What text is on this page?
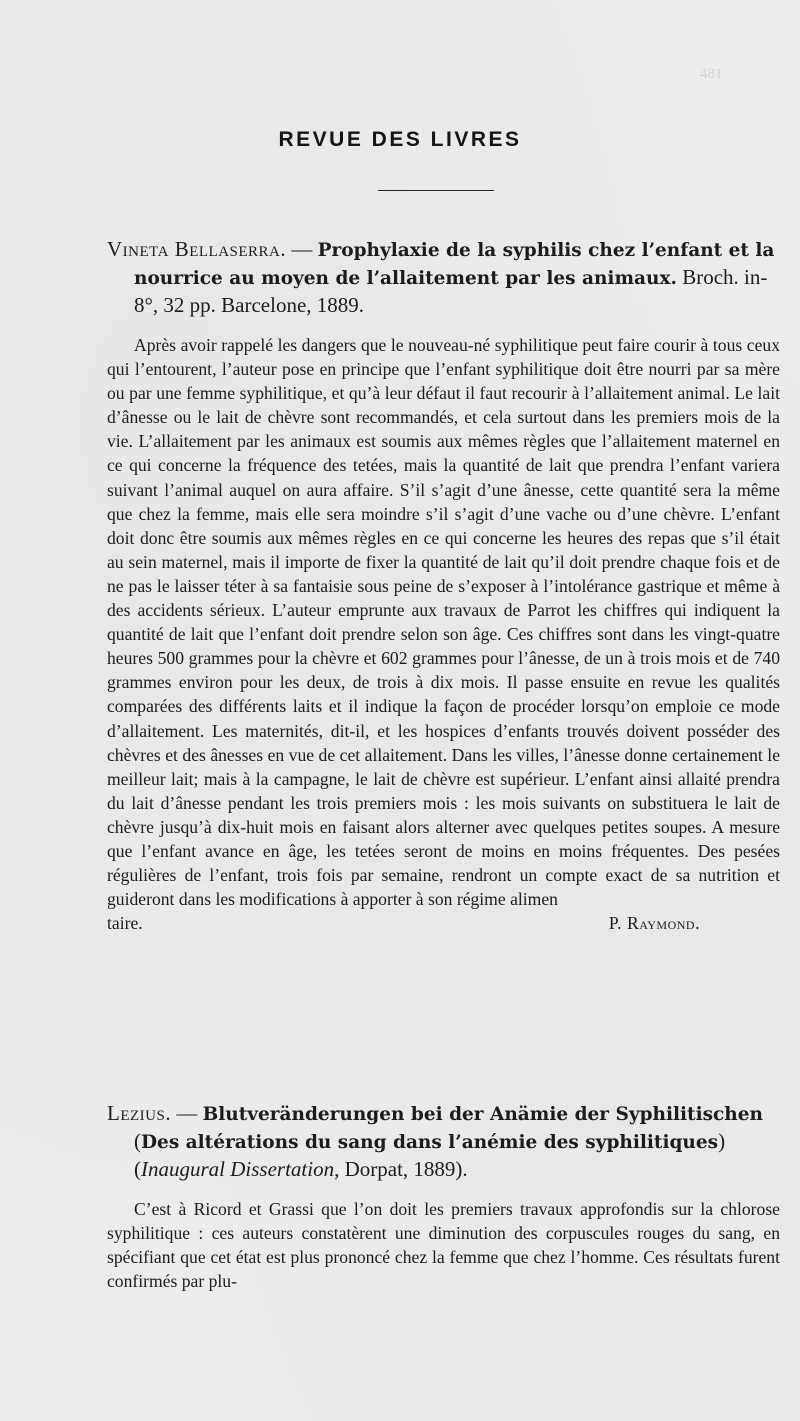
481
REVUE DES LIVRES

Vineta Bellaserra. — Prophylaxie de la syphilis chez l’enfant et la nourrice au moyen de l’allaitement par les animaux. Broch. in-8°, 32 pp. Barcelone, 1889.

Après avoir rappelé les dangers que le nouveau-né syphilitique peut faire courir à tous ceux qui l’entourent, l’auteur pose en principe que l’enfant syphilitique doit être nourri par sa mère ou par une femme syphilitique, et qu’à leur défaut il faut recourir à l’allaitement animal. Le lait d’ânesse ou le lait de chèvre sont recommandés, et cela surtout dans les premiers mois de la vie. L’allaitement par les animaux est soumis aux mêmes règles que l’allaitement maternel en ce qui concerne la fréquence des tetées, mais la quantité de lait que prendra l’enfant variera suivant l’animal auquel on aura affaire. S’il s’agit d’une ânesse, cette quantité sera la même que chez la femme, mais elle sera moindre s’il s’agit d’une vache ou d’une chèvre. L’enfant doit donc être soumis aux mêmes règles en ce qui concerne les heures des repas que s’il était au sein maternel, mais il importe de fixer la quantité de lait qu’il doit prendre chaque fois et de ne pas le laisser téter à sa fantaisie sous peine de s’exposer à l’intolérance gastrique et même à des accidents sérieux. L’auteur emprunte aux travaux de Parrot les chiffres qui indiquent la quantité de lait que l’enfant doit prendre selon son âge. Ces chiffres sont dans les vingt-quatre heures 500 grammes pour la chèvre et 602 grammes pour l’ânesse, de un à trois mois et de 740 grammes environ pour les deux, de trois à dix mois. Il passe ensuite en revue les qualités comparées des différents laits et il indique la façon de procéder lorsqu’on emploie ce mode d’allaitement. Les maternités, dit-il, et les hospices d’enfants trouvés doivent posséder des chèvres et des ânesses en vue de cet allaitement. Dans les villes, l’ânesse donne certainement le meilleur lait; mais à la campagne, le lait de chèvre est supérieur. L’enfant ainsi allaité prendra du lait d’ânesse pendant les trois premiers mois : les mois suivants on substituera le lait de chèvre jusqu’à dix-huit mois en faisant alors alterner avec quelques petites soupes. A mesure que l’enfant avance en âge, les tetées seront de moins en moins fréquentes. Des pesées régulières de l’enfant, trois fois par semaine, rendront un compte exact de sa nutrition et guideront dans les modifications à apporter à son régime alimen

taire.	P. Raymond.

Lezius. — Blutveränderungen bei der Anämie der Syphilitischen (Des altérations du sang dans l’anémie des syphilitiques) (Inaugural Dissertation, Dorpat, 1889).

C’est à Ricord et Grassi que l’on doit les premiers travaux approfondis sur la chlorose syphilitique : ces auteurs constatèrent une diminution des corpuscules rouges du sang, en spécifiant que cet état est plus prononcé chez la femme que chez l’homme. Ces résultats furent confirmés par plu-
